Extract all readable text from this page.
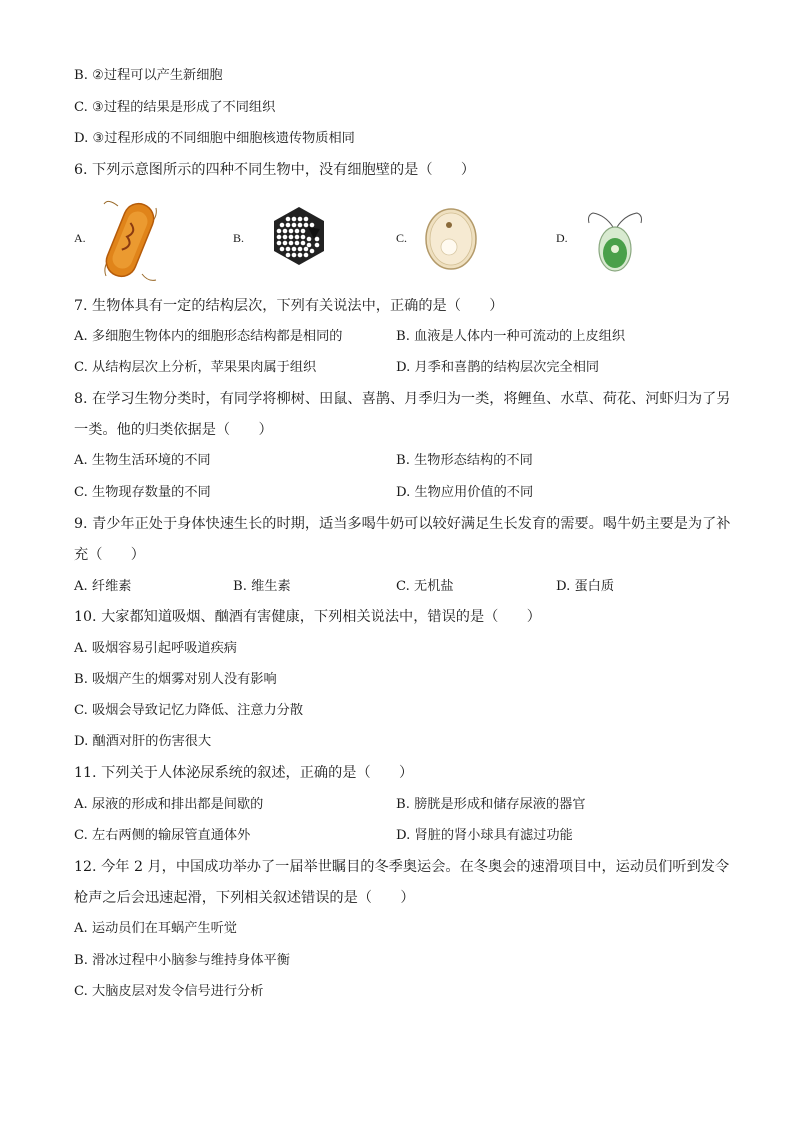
B. ②过程可以产生新细胞
C. ③过程的结果是形成了不同组织
D. ③过程形成的不同细胞中细胞核遗传物质相同
6. 下列示意图所示的四种不同生物中，没有细胞壁的是（　　）
A.	B.	C.	D.
7. 生物体具有一定的结构层次，下列有关说法中，正确的是（　　）
A. 多细胞生物体内的细胞形态结构都是相同的	B. 血液是人体内一种可流动的上皮组织
C. 从结构层次上分析，苹果果肉属于组织	D. 月季和喜鹊的结构层次完全相同
8. 在学习生物分类时，有同学将柳树、田鼠、喜鹊、月季归为一类，将鲤鱼、水草、荷花、河虾归为了另
一类。他的归类依据是（　　）
A. 生物生活环境的不同	B. 生物形态结构的不同
C. 生物现存数量的不同	D. 生物应用价值的不同
9. 青少年正处于身体快速生长的时期，适当多喝牛奶可以较好满足生长发育的需要。喝牛奶主要是为了补
充（　　）
A. 纤维素	B. 维生素	C. 无机盐	D. 蛋白质
10. 大家都知道吸烟、酗酒有害健康，下列相关说法中，错误的是（　　）
A. 吸烟容易引起呼吸道疾病
B. 吸烟产生的烟雾对别人没有影响
C. 吸烟会导致记忆力降低、注意力分散
D. 酗酒对肝的伤害很大
11. 下列关于人体泌尿系统的叙述，正确的是（　　）
A. 尿液的形成和排出都是间歇的	B. 膀胱是形成和储存尿液的器官
C. 左右两侧的输尿管直通体外	D. 肾脏的肾小球具有滤过功能
12. 今年 2 月，中国成功举办了一届举世瞩目的冬季奥运会。在冬奥会的速滑项目中，运动员们听到发令
枪声之后会迅速起滑，下列相关叙述错误的是（　　）
A. 运动员们在耳蜗产生听觉
B. 滑冰过程中小脑参与维持身体平衡
C. 大脑皮层对发令信号进行分析
